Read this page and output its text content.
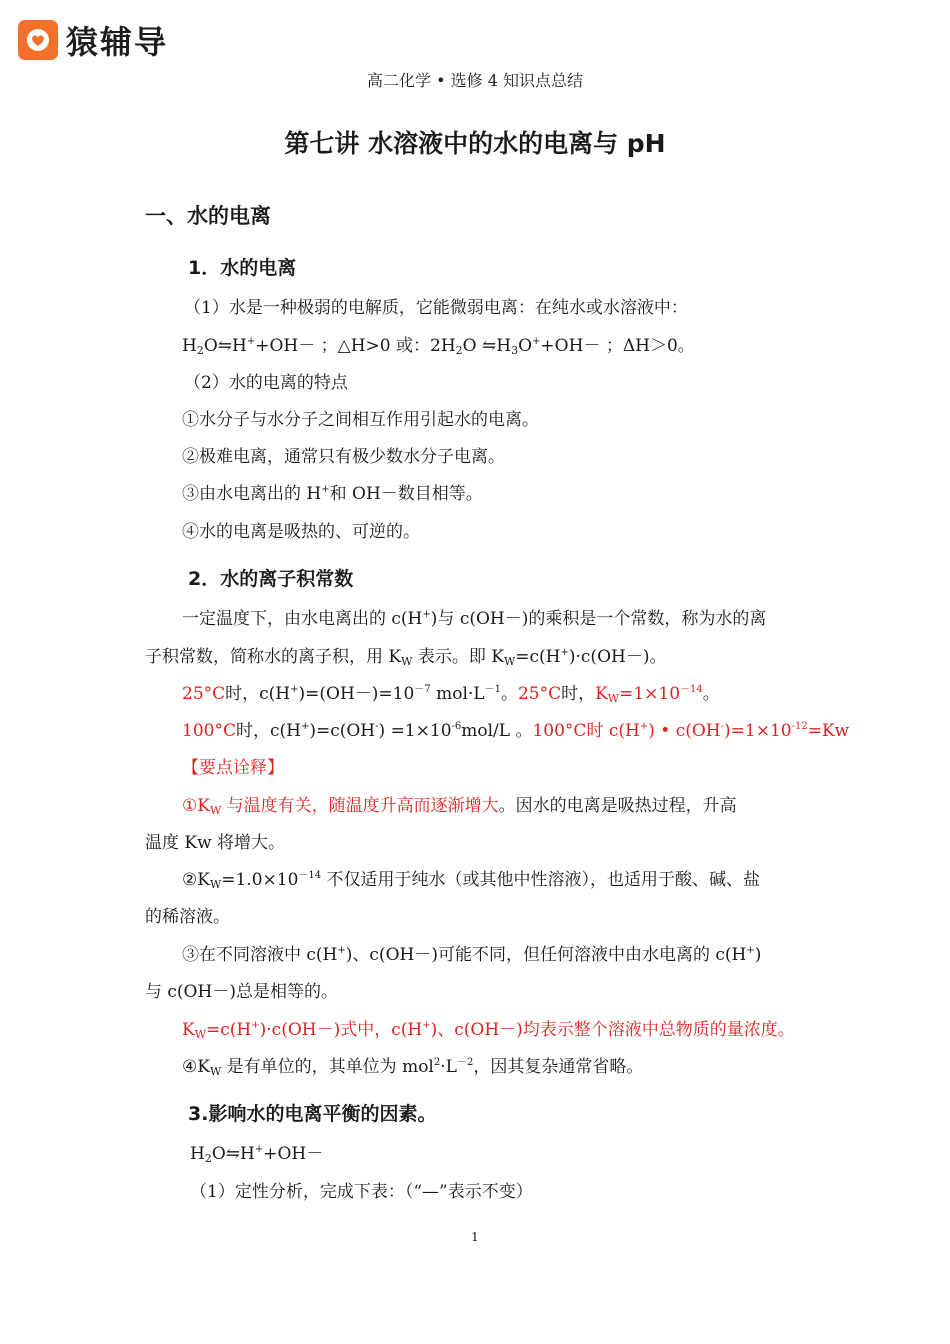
猿辅导
高二化学 • 选修 4 知识点总结
第七讲 水溶液中的水的电离与 pH
一、水的电离
1．水的电离
（1）水是一种极弱的电解质，它能微弱电离：在纯水或水溶液中：
$H_2O⇋H^++OH-$ ；△H>0 或：$2H_2O$ $⇋H_3O^++OH-$ ；ΔH＞0。
（2）水的电离的特点
①水分子与水分子之间相互作用引起水的电离。
②极难电离，通常只有极少数水分子电离。
③由水电离出的 H+和 OH－数目相等。
④水的电离是吸热的、可逆的。
2．水的离子积常数
一定温度下，由水电离出的 c(H+)与 c(OH－)的乘积是一个常数，称为水的离
子积常数，简称水的离子积，用 $K_W$ 表示。即 $K_W=c(H^+)\cdot c(OH-)$。
25°C时，$c(H^+)=(OH-)=10^{-7}$ $mol\cdot L^{-1}$。25°C时，$K_W=1\times 10^{-14}$。
100°C时，$c(H^+)=c(OH^-) =1\times 10^{-6}mol/L$ 。100°C时 c(H+) • $c(OH^-)=1\times 10^{-12}=Kw$
【要点诠释】
$①K_W$ 与温度有关，随温度升高而逐渐增大。因水的电离是吸热过程，升高
温度 Kw 将增大。
$②K_W=1.0\times 10^{-14}$ 不仅适用于纯水（或其他中性溶液），也适用于酸、碱、盐
的稀溶液。
③在不同溶液中 c(H+)、c(OH－)可能不同，但任何溶液中由水电离的 c(H+)
与 c(OH－)总是相等的。
$K_W=c(H^+)\cdot c(OH-)$式中，c(H+)、c(OH－)均表示整个溶液中总物质的量浓度。
$④K_W$ 是有单位的，其单位为 $mol^2\cdot L^{-2}$，因其复杂通常省略。
3.影响水的电离平衡的因素。
$H_2O⇋H^++OH-$
（1）定性分析，完成下表：（“—”表示不变）
1
